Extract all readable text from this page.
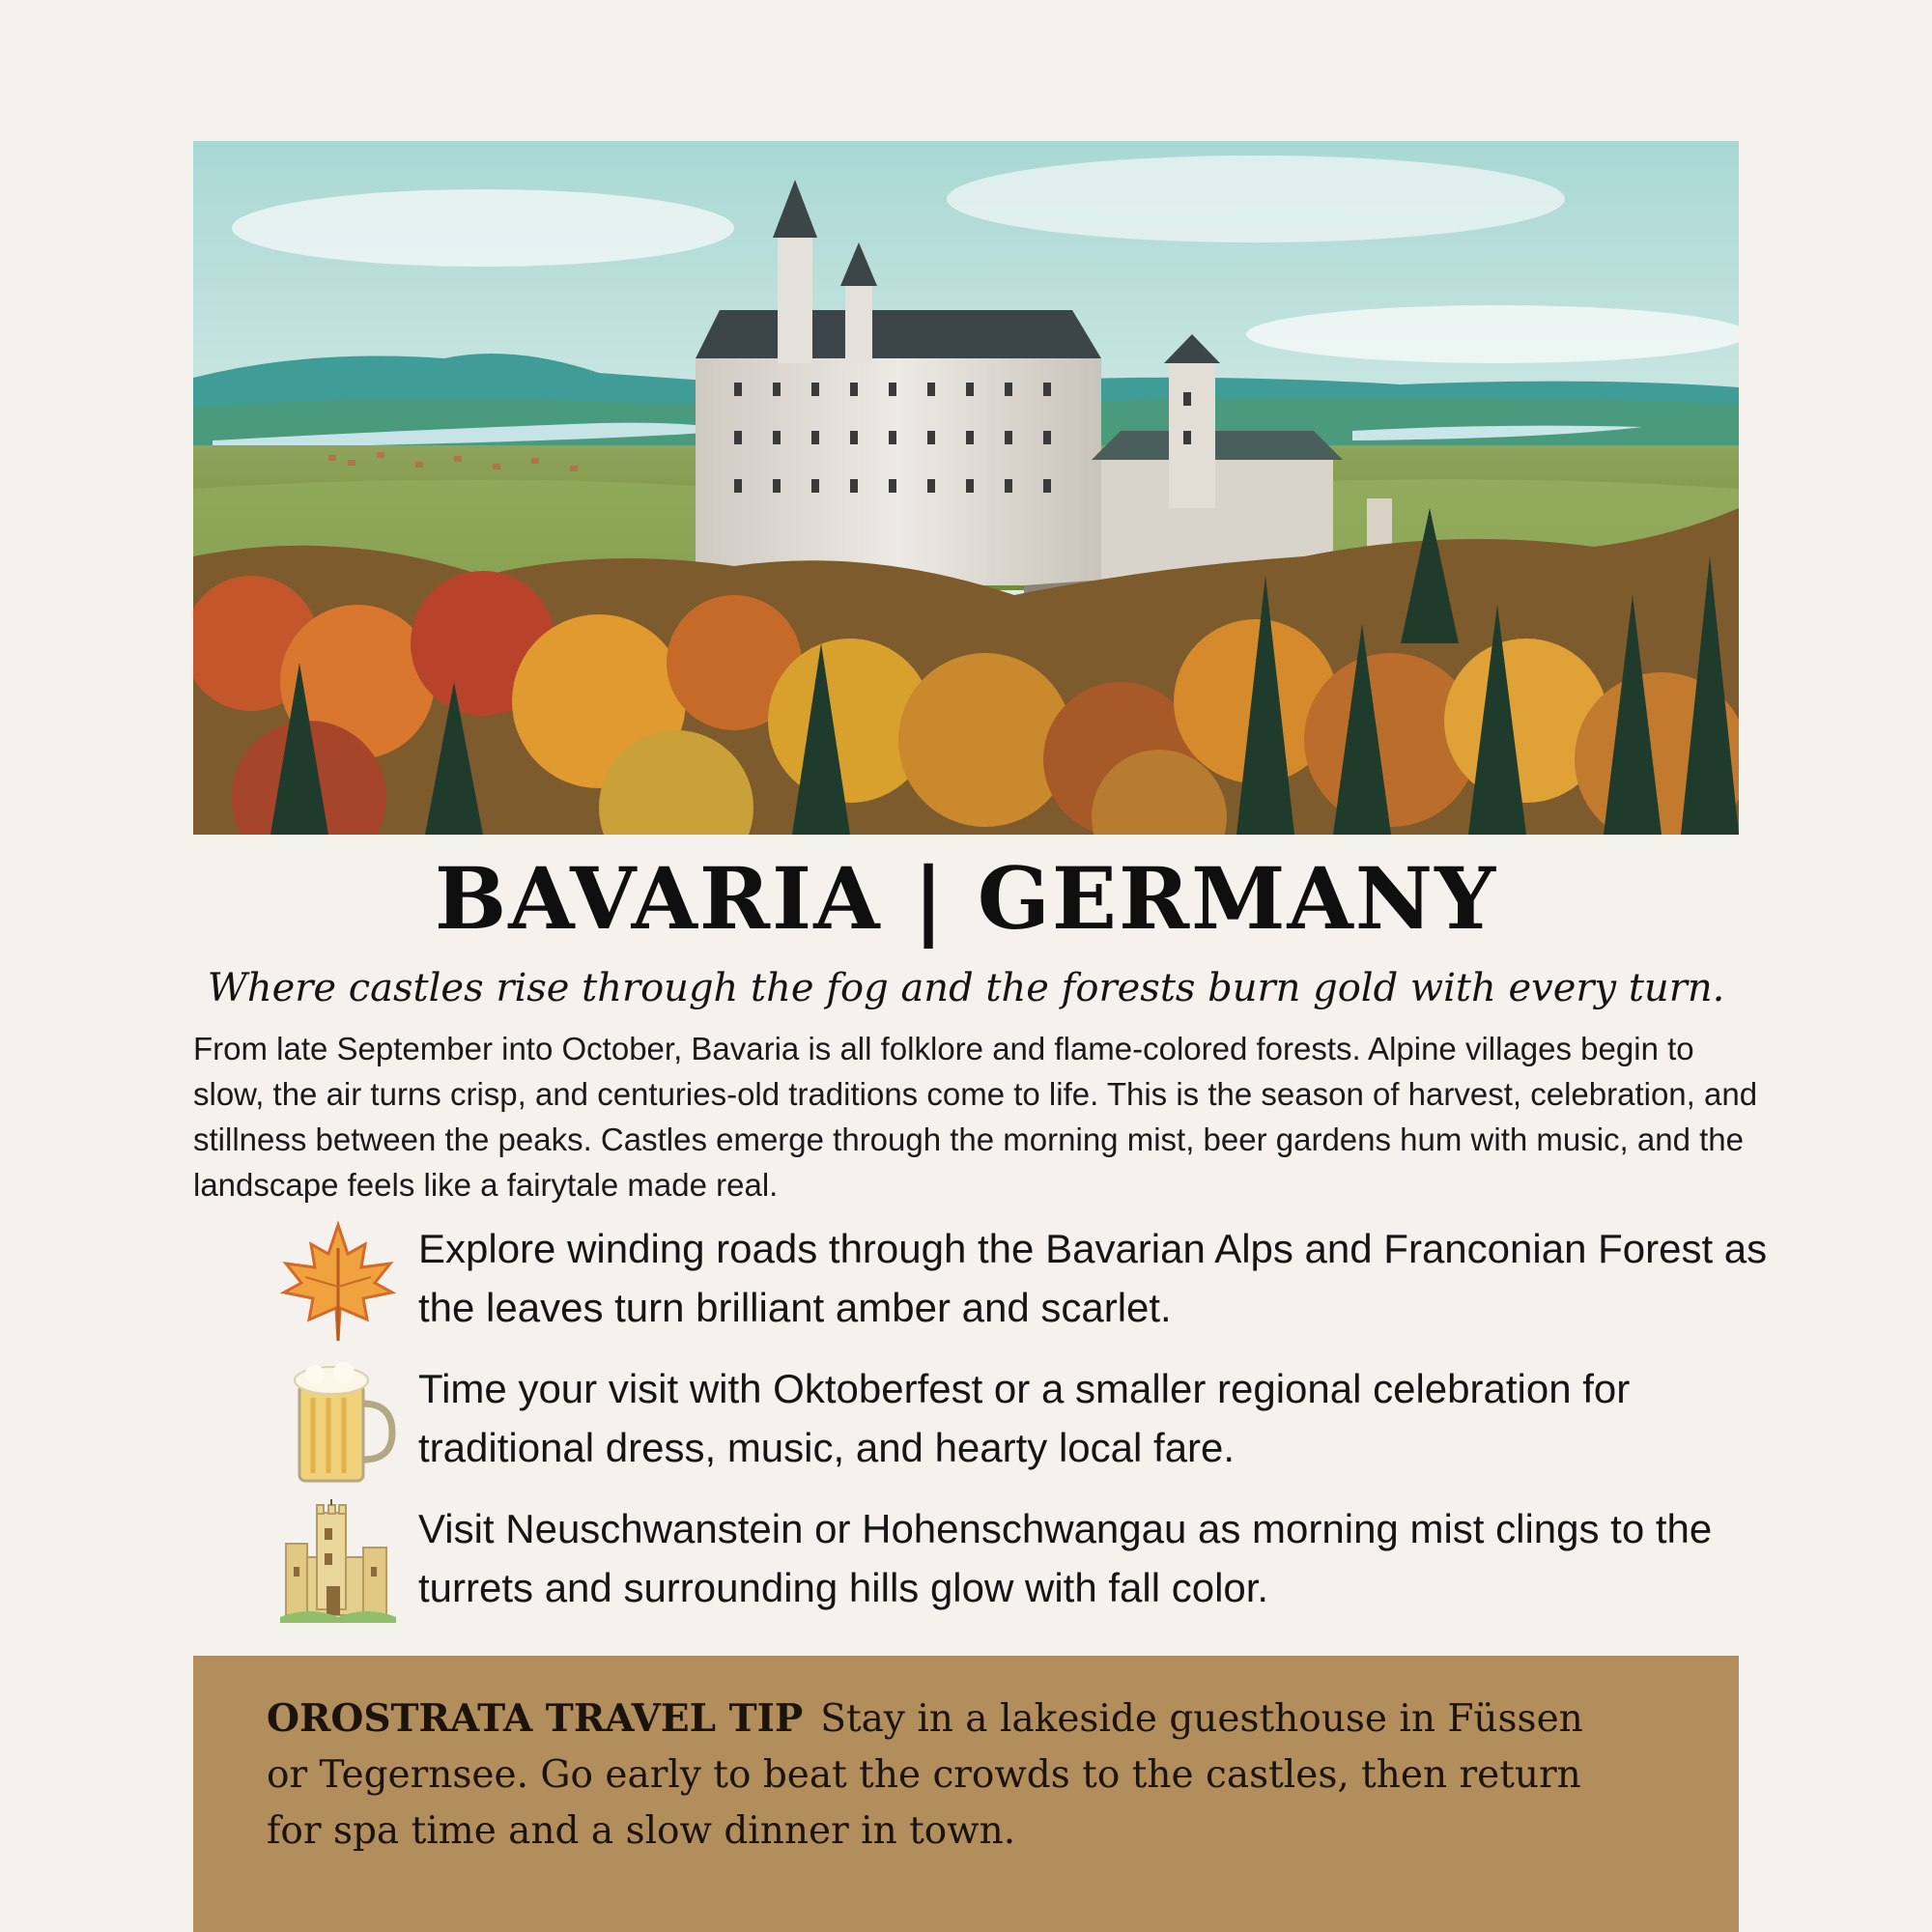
BAVARIA | GERMANY
Where castles rise through the fog and the forests burn gold with every turn.
From late September into October, Bavaria is all folklore and flame-colored forests. Alpine villages begin to slow, the air turns crisp, and centuries-old traditions come to life. This is the season of harvest, celebration, and stillness between the peaks. Castles emerge through the morning mist, beer gardens hum with music, and the landscape feels like a fairytale made real.
Explore winding roads through the Bavarian Alps and Franconian Forest as the leaves turn brilliant amber and scarlet.
Time your visit with Oktoberfest or a smaller regional celebration for traditional dress, music, and hearty local fare.
Visit Neuschwanstein or Hohenschwangau as morning mist clings to the turrets and surrounding hills glow with fall color.
OROSTRATA TRAVEL TIP Stay in a lakeside guesthouse in Füssen or Tegernsee. Go early to beat the crowds to the castles, then return for spa time and a slow dinner in town.
